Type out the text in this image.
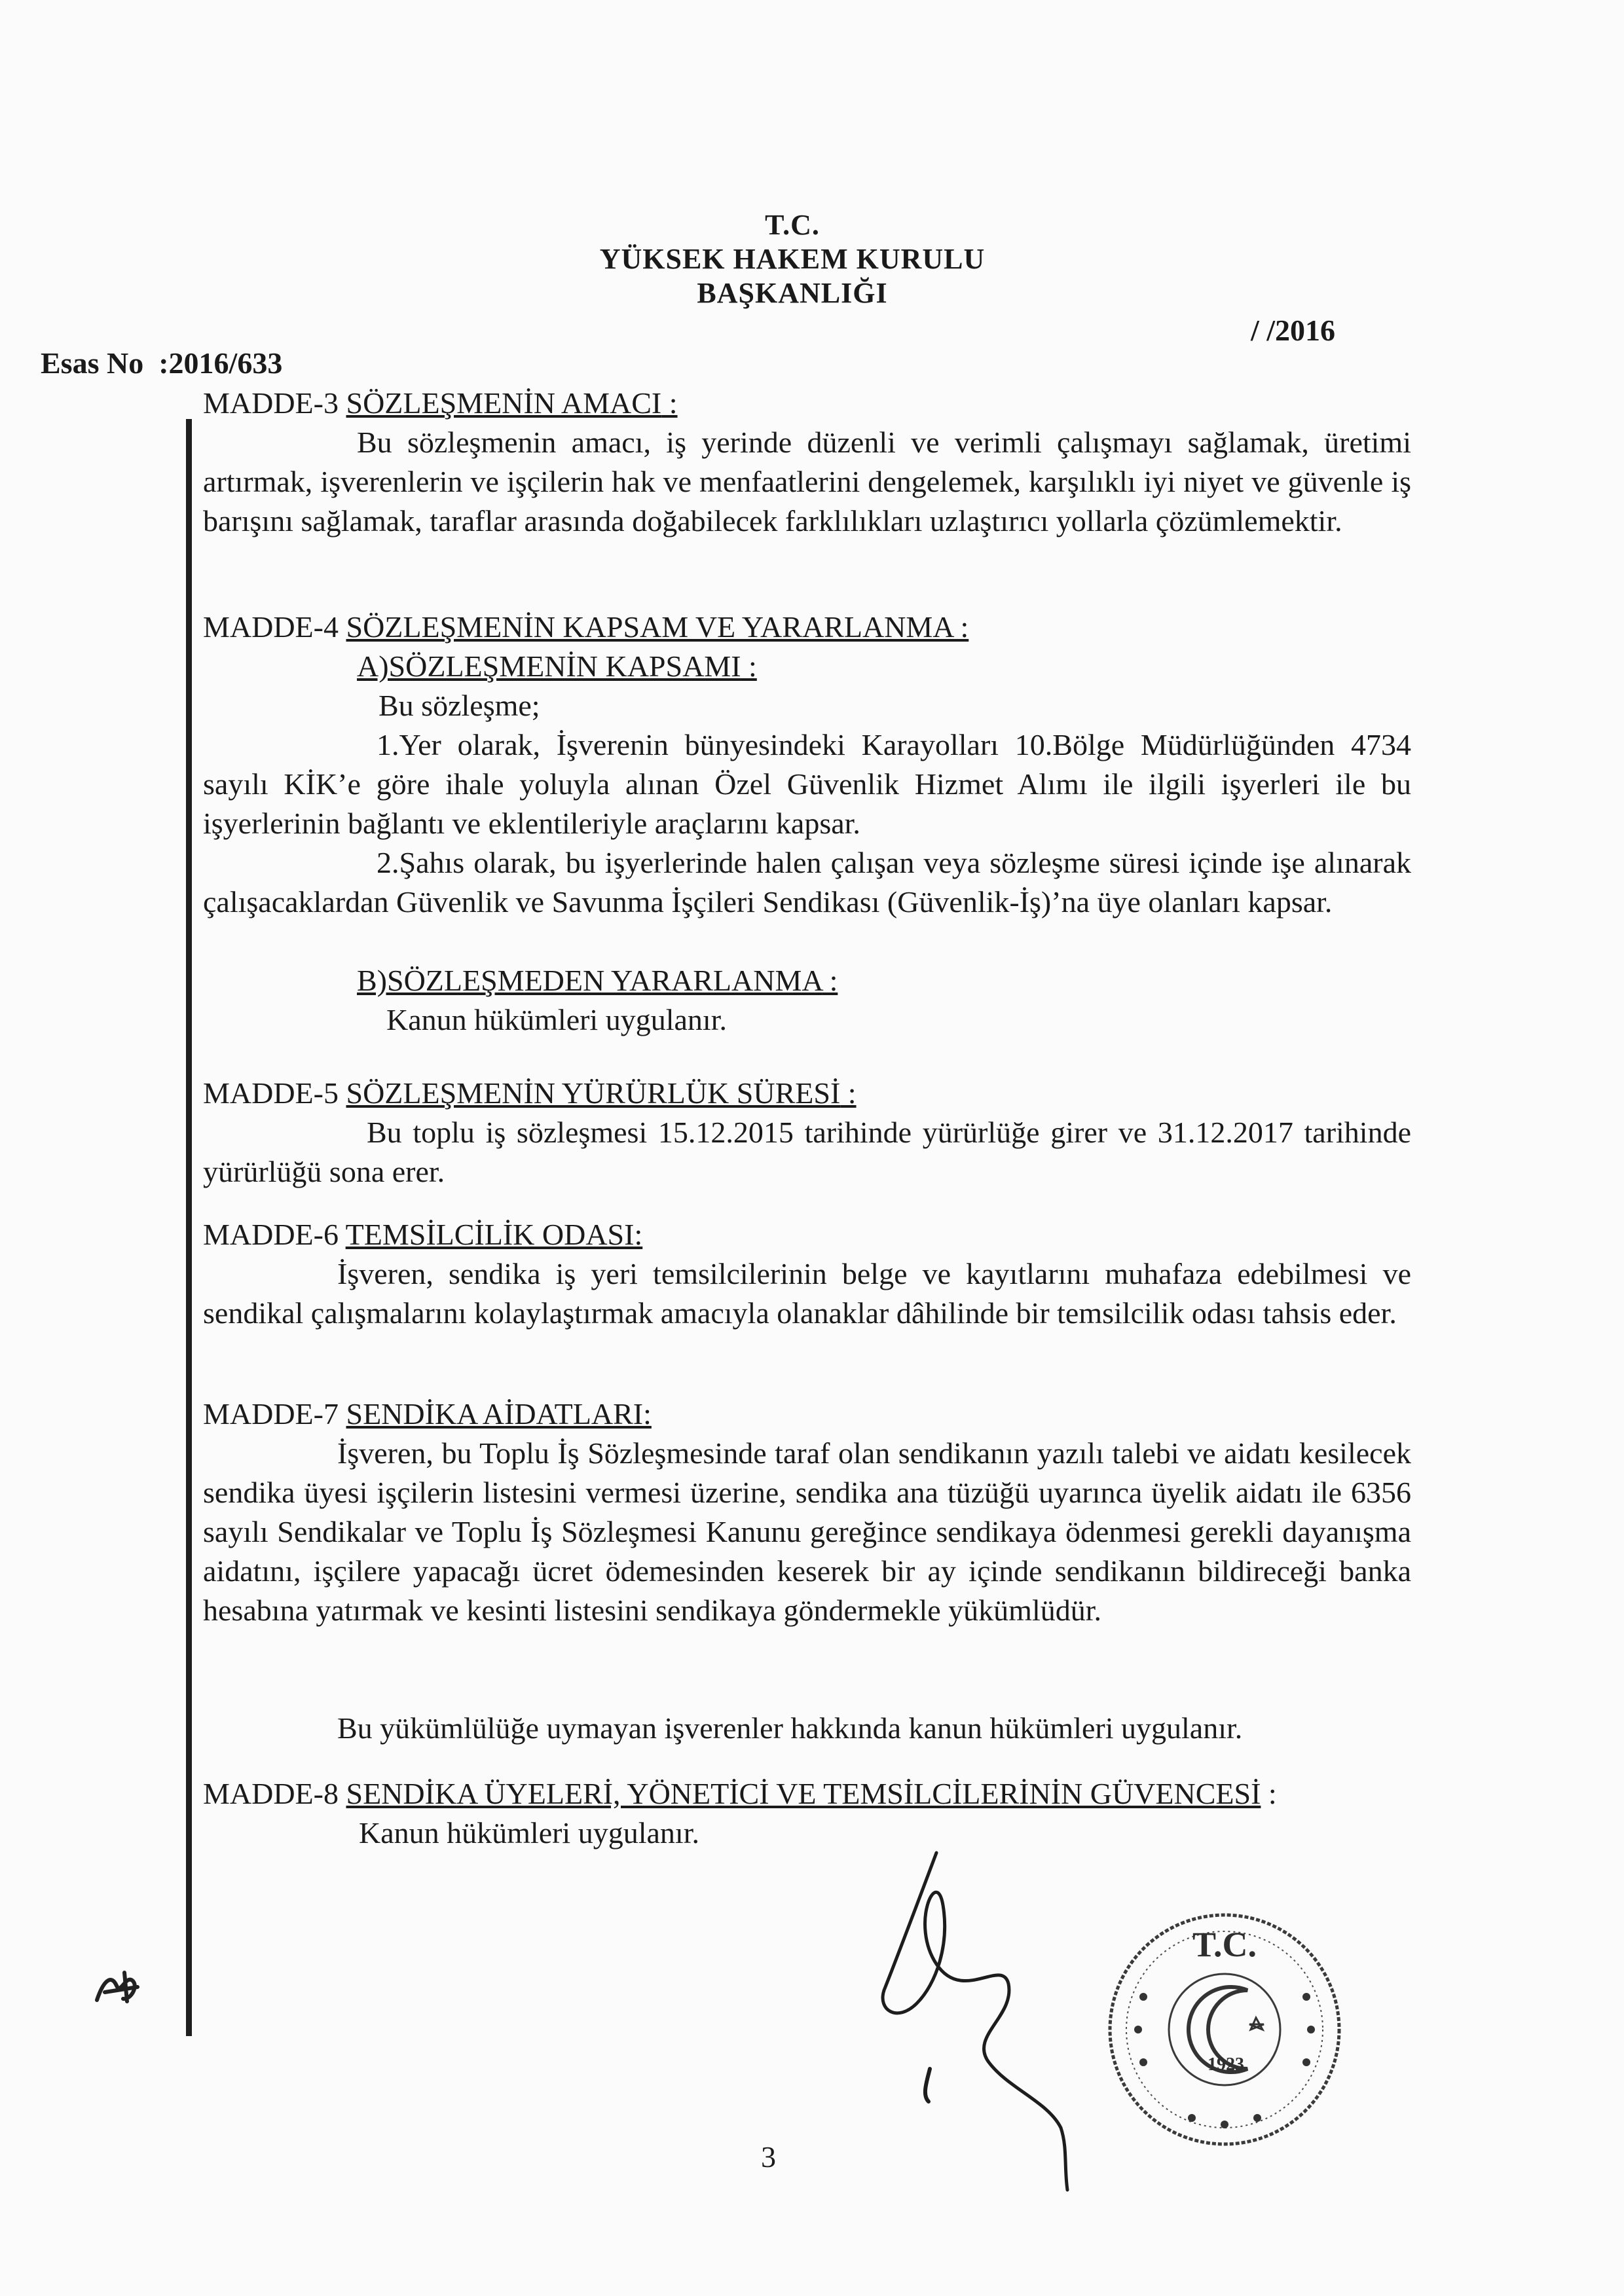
T.C.
YÜKSEK HAKEM KURULU
BAŞKANLIĞI
/ /2016
Esas No :2016/633
MADDE-3 SÖZLEŞMENİN AMACI :
Bu sözleşmenin amacı, iş yerinde düzenli ve verimli çalışmayı sağlamak, üretimi artırmak, işverenlerin ve işçilerin hak ve menfaatlerini dengelemek, karşılıklı iyi niyet ve güvenle iş barışını sağlamak, taraflar arasında doğabilecek farklılıkları uzlaştırıcı yollarla çözümlemektir.
MADDE-4 SÖZLEŞMENİN KAPSAM VE YARARLANMA :
A)SÖZLEŞMENİN KAPSAMI :
Bu sözleşme;
1.Yer olarak, İşverenin bünyesindeki Karayolları 10.Bölge Müdürlüğünden 4734 sayılı KİK’e göre ihale yoluyla alınan Özel Güvenlik Hizmet Alımı ile ilgili işyerleri ile bu işyerlerinin bağlantı ve eklentileriyle araçlarını kapsar.
2.Şahıs olarak, bu işyerlerinde halen çalışan veya sözleşme süresi içinde işe alınarak çalışacaklardan Güvenlik ve Savunma İşçileri Sendikası (Güvenlik-İş)’na üye olanları kapsar.
B)SÖZLEŞMEDEN YARARLANMA :
Kanun hükümleri uygulanır.
MADDE-5 SÖZLEŞMENİN YÜRÜRLÜK SÜRESİ :
Bu toplu iş sözleşmesi 15.12.2015 tarihinde yürürlüğe girer ve 31.12.2017 tarihinde yürürlüğü sona erer.
MADDE-6 TEMSİLCİLİK ODASI:
İşveren, sendika iş yeri temsilcilerinin belge ve kayıtlarını muhafaza edebilmesi ve sendikal çalışmalarını kolaylaştırmak amacıyla olanaklar dâhilinde bir temsilcilik odası tahsis eder.
MADDE-7 SENDİKA AİDATLARI:
İşveren, bu Toplu İş Sözleşmesinde taraf olan sendikanın yazılı talebi ve aidatı kesilecek sendika üyesi işçilerin listesini vermesi üzerine, sendika ana tüzüğü uyarınca üyelik aidatı ile 6356 sayılı Sendikalar ve Toplu İş Sözleşmesi Kanunu gereğince sendikaya ödenmesi gerekli dayanışma aidatını, işçilere yapacağı ücret ödemesinden keserek bir ay içinde sendikanın bildireceği banka hesabına yatırmak ve kesinti listesini sendikaya göndermekle yükümlüdür.
Bu yükümlülüğe uymayan işverenler hakkında kanun hükümleri uygulanır.
MADDE-8 SENDİKA ÜYELERİ, YÖNETİCİ VE TEMSİLCİLERİNİN GÜVENCESİ :
Kanun hükümleri uygulanır.
T.C.
1923
3
